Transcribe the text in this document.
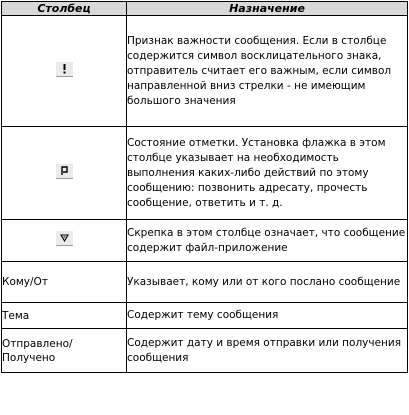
Столбец	Назначение

	Признак важности сообщения. Если в столбце содержится символ восклицательного знака, отправитель считает его важным, если символ направленной вниз стрелки - не имеющим большого значения

	Состояние отметки. Установка флажка в этом столбце указывает на необходимость выполнения каких-либо действий по этому сообщению: позвонить адресату, прочесть сообщение, ответить и т. д.

	Скрепка в этом столбце означает, что сообщение содержит файл-приложение
Кому/От	Указывает, кому или от кого послано сообщение
Тема	Содержит тему сообщения
Отправлено/ Получено	Содержит дату и время отправки или получения сообщения
